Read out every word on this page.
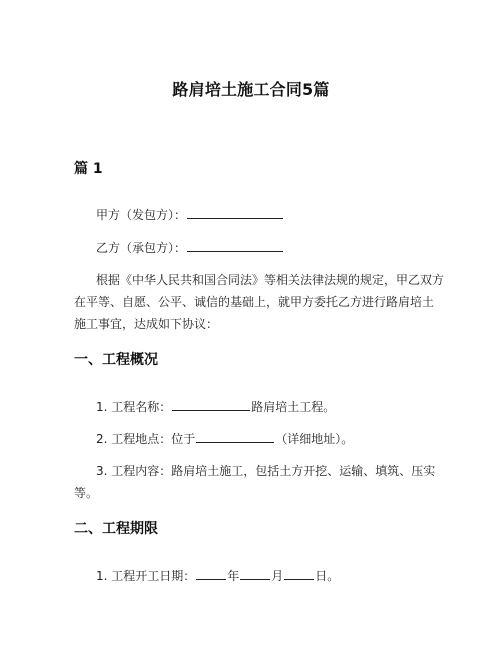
路肩培土施工合同5篇
篇 1
甲方（发包方）：
乙方（承包方）：
根据《中华人民共和国合同法》等相关法律法规的规定，甲乙双方
在平等、自愿、公平、诚信的基础上，就甲方委托乙方进行路肩培土
施工事宜，达成如下协议：
一、工程概况
1. 工程名称：	路肩培土工程。
2. 工程地点：位于	（详细地址）。
3. 工程内容：路肩培土施工，包括土方开挖、运输、填筑、压实
等。
二、工程期限
1. 工程开工日期：	年	月	日。
